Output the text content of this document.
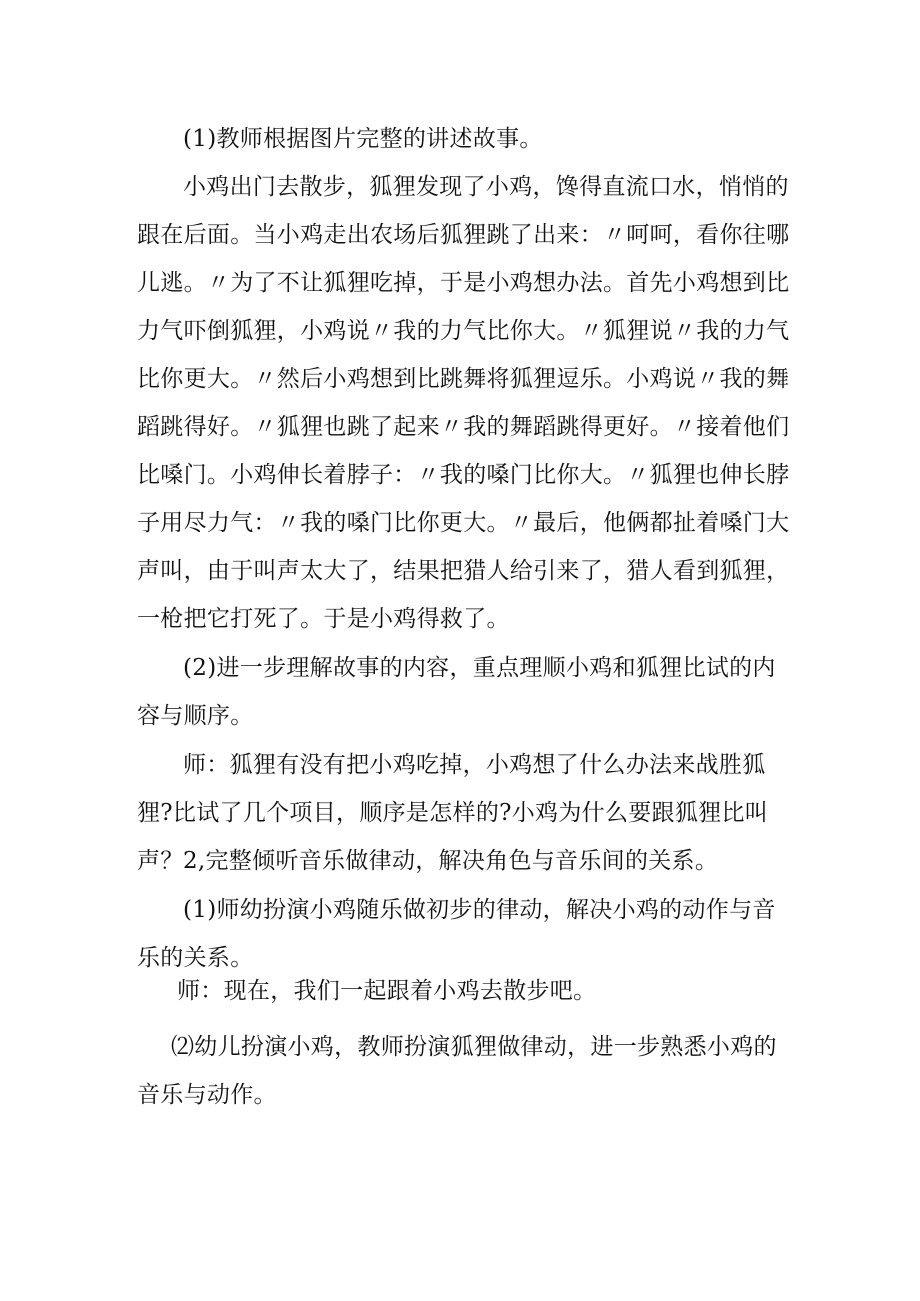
(1)教师根据图片完整的讲述故事。

小鸡出门去散步，狐狸发现了小鸡，馋得直流口水，悄悄的跟在后面。当小鸡走出农场后狐狸跳了出来：〃呵呵，看你往哪儿逃。〃为了不让狐狸吃掉，于是小鸡想办法。首先小鸡想到比力气吓倒狐狸，小鸡说〃我的力气比你大。〃狐狸说〃我的力气比你更大。〃然后小鸡想到比跳舞将狐狸逗乐。小鸡说〃我的舞蹈跳得好。〃狐狸也跳了起来〃我的舞蹈跳得更好。〃接着他们比嗓门。小鸡伸长着脖子：〃我的嗓门比你大。〃狐狸也伸长脖子用尽力气：〃我的嗓门比你更大。〃最后，他俩都扯着嗓门大声叫，由于叫声太大了，结果把猎人给引来了，猎人看到狐狸，一枪把它打死了。于是小鸡得救了。

(2)进一步理解故事的内容，重点理顺小鸡和狐狸比试的内容与顺序。

师：狐狸有没有把小鸡吃掉，小鸡想了什么办法来战胜狐狸?比试了几个项目，顺序是怎样的?小鸡为什么要跟狐狸比叫声？ 2,完整倾听音乐做律动，解决角色与音乐间的关系。

(1)师幼扮演小鸡随乐做初步的律动，解决小鸡的动作与音乐的关系。

师：现在，我们一起跟着小鸡去散步吧。

⑵幼儿扮演小鸡，教师扮演狐狸做律动，进一步熟悉小鸡的音乐与动作。
